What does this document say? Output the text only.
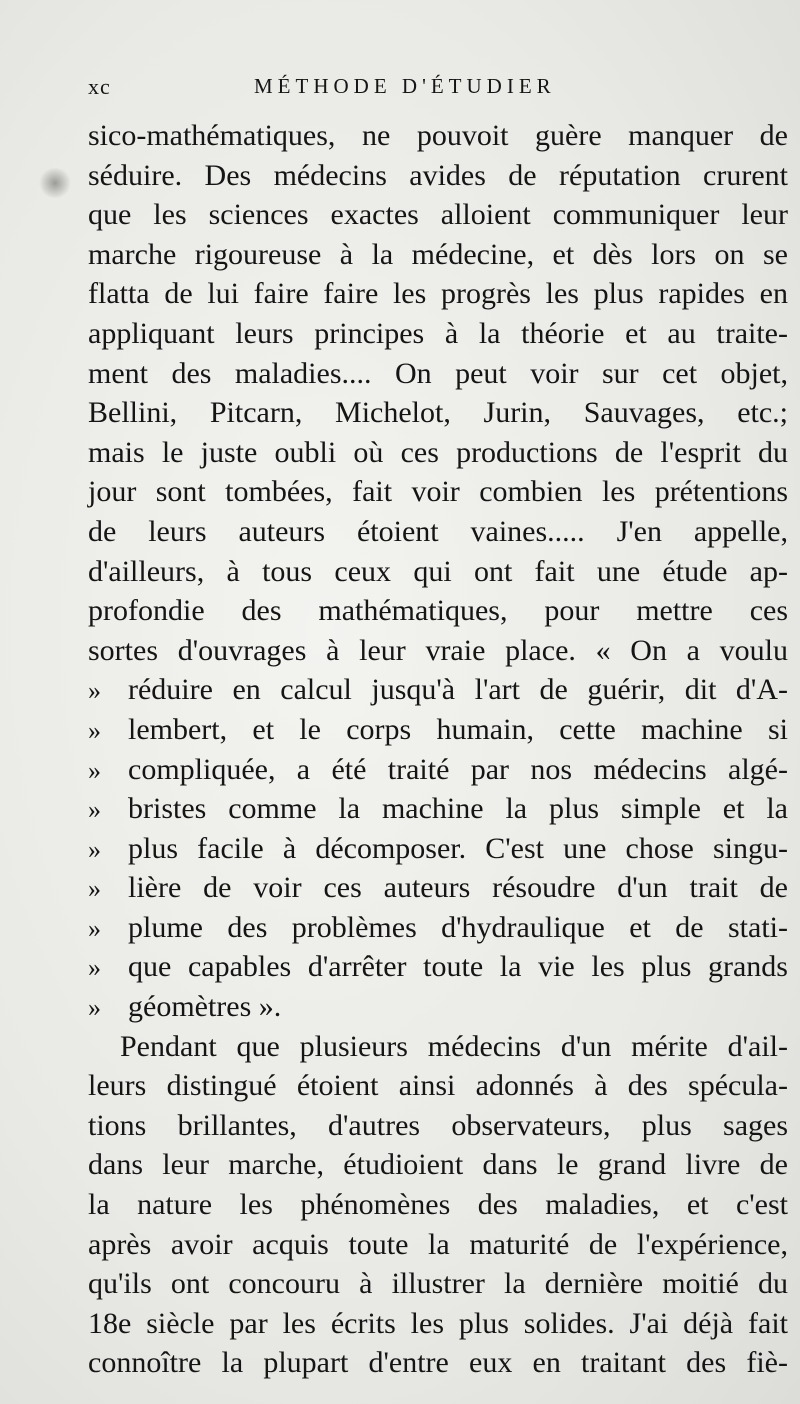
xc	MÉTHODE D'ÉTUDIER
sico-mathématiques, ne pouvoit guère manquer de
séduire. Des médecins avides de réputation crurent
que les sciences exactes alloient communiquer leur
marche rigoureuse à la médecine, et dès lors on se
flatta de lui faire faire les progrès les plus rapides en
appliquant leurs principes à la théorie et au traite-
ment des maladies.... On peut voir sur cet objet,
Bellini, Pitcarn, Michelot, Jurin, Sauvages, etc.;
mais le juste oubli où ces productions de l'esprit du
jour sont tombées, fait voir combien les prétentions
de leurs auteurs étoient vaines..... J'en appelle,
d'ailleurs, à tous ceux qui ont fait une étude ap-
profondie des mathématiques, pour mettre ces
sortes d'ouvrages à leur vraie place. « On a voulu
» réduire en calcul jusqu'à l'art de guérir, dit d'A-
» lembert, et le corps humain, cette machine si
» compliquée, a été traité par nos médecins algé-
» bristes comme la machine la plus simple et la
» plus facile à décomposer. C'est une chose singu-
» lière de voir ces auteurs résoudre d'un trait de
» plume des problèmes d'hydraulique et de stati-
» que capables d'arrêter toute la vie les plus grands
» géomètres ».
Pendant que plusieurs médecins d'un mérite d'ail-
leurs distingué étoient ainsi adonnés à des spécula-
tions brillantes, d'autres observateurs, plus sages
dans leur marche, étudioient dans le grand livre de
la nature les phénomènes des maladies, et c'est
après avoir acquis toute la maturité de l'expérience,
qu'ils ont concouru à illustrer la dernière moitié du
18e siècle par les écrits les plus solides. J'ai déjà fait
connoître la plupart d'entre eux en traitant des fiè-
